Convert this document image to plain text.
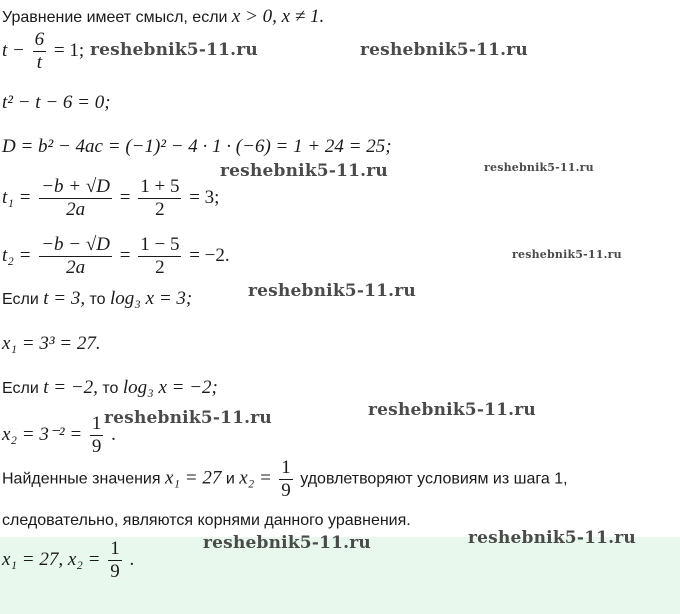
Уравнение имеет смысл, если x > 0, x ≠ 1.
$t - \frac{6}{t} = 1$;
t² − t − 6 = 0;
D = b² − 4ac = (−1)² − 4 · 1 · (−6) = 1 + 24 = 25;
$t_1 = \frac{-b + √D}{2a} = \frac{1 + 5}{2} = 3$;
$t_2 = \frac{-b - √D}{2a} = \frac{1 - 5}{2} = -2$.
Если t = 3, то log₃ x = 3;
x₁ = 3³ = 27.
Если t = −2, то log₃ x = −2;
$x_2 = 3^{-2} = \frac{1}{9}$ .
Найденные значения x₁ = 27 и $x_2 = \frac{1}{9}$ удовлетворяют условиям из шага 1,
следовательно, являются корнями данного уравнения.
x₁ = 27, $x_2 = \frac{1}{9}$ .
reshebnik5-11.ru	reshebnik5-11.ru
reshebnik5-11.ru	reshebnik5-11.ru
reshebnik5-11.ru
reshebnik5-11.ru
reshebnik5-11.ru
reshebnik5-11.ru
reshebnik5-11.ru	reshebnik5-11.ru
